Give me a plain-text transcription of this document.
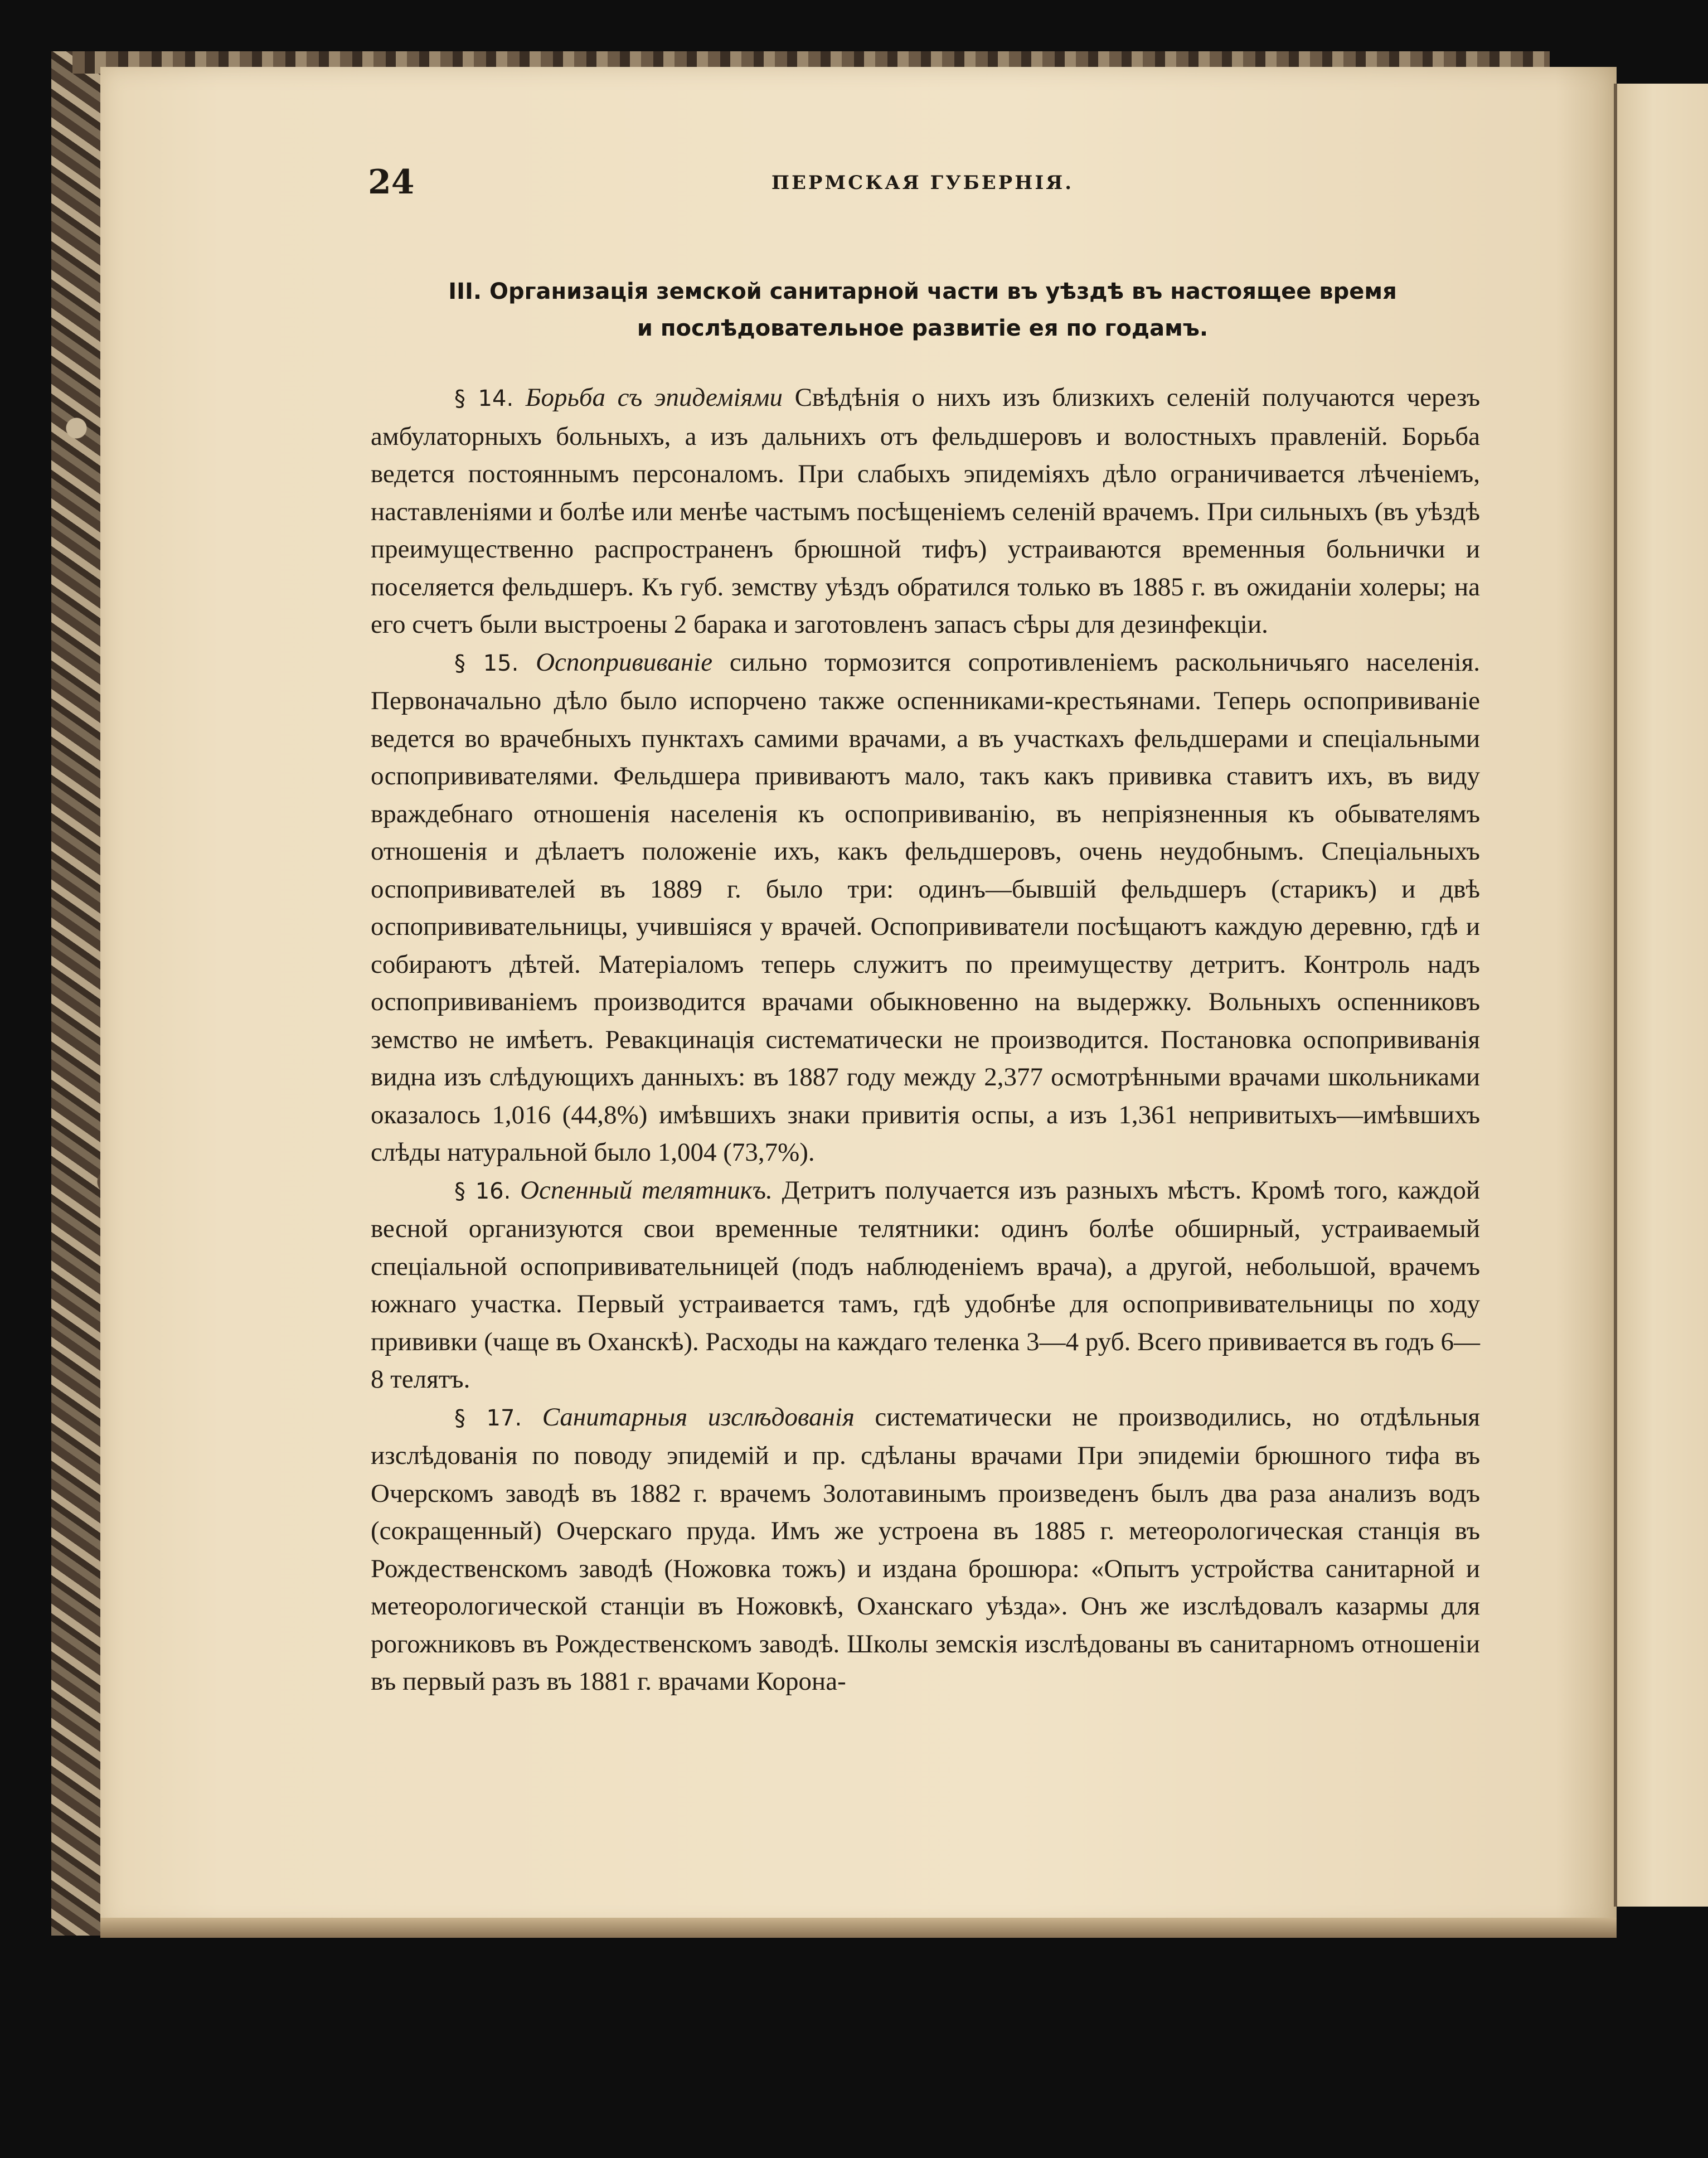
24	ПЕРМСКАЯ ГУБЕРНІЯ.
III. Организація земской санитарной части въ уѣздѣ въ настоящее время
и послѣдовательное развитіе ея по годамъ.

§ 14. Борьба съ эпидеміями Свѣдѣнія о нихъ изъ близкихъ селеній получаются черезъ амбулаторныхъ больныхъ, а изъ дальнихъ отъ фельдшеровъ и волостныхъ правленій. Борьба ведется постояннымъ персоналомъ. При слабыхъ эпидеміяхъ дѣло ограничивается лѣченіемъ, наставленіями и болѣе или менѣе частымъ посѣщеніемъ селеній врачемъ. При сильныхъ (въ уѣздѣ преимущественно распространенъ брюшной тифъ) устраиваются временныя больнички и поселяется фельдшеръ. Къ губ. земству уѣздъ обратился только въ 1885 г. въ ожиданіи холеры; на его счетъ были выстроены 2 барака и заготовленъ запасъ сѣры для дезинфекціи.

§ 15. Оспопрививаніе сильно тормозится сопротивленіемъ раскольничьяго населенія. Первоначально дѣло было испорчено также оспенниками-крестьянами. Теперь оспопрививаніе ведется во врачебныхъ пунктахъ самими врачами, а въ участкахъ фельдшерами и спеціальными оспопрививателями. Фельдшера прививаютъ мало, такъ какъ прививка ставитъ ихъ, въ виду враждебнаго отношенія населенія къ оспопрививанію, въ непріязненныя къ обывателямъ отношенія и дѣлаетъ положеніе ихъ, какъ фельдшеровъ, очень неудобнымъ. Спеціальныхъ оспопрививателей въ 1889 г. было три: одинъ—бывшій фельдшеръ (старикъ) и двѣ оспопрививательницы, учившіяся у врачей. Оспопрививатели посѣщаютъ каждую деревню, гдѣ и собираютъ дѣтей. Матеріаломъ теперь служитъ по преимуществу детритъ. Контроль надъ оспопрививаніемъ производится врачами обыкновенно на выдержку. Вольныхъ оспенниковъ земство не имѣетъ. Ревакцинація систематически не производится. Постановка оспопрививанія видна изъ слѣдующихъ данныхъ: въ 1887 году между 2,377 осмотрѣнными врачами школьниками оказалось 1,016 (44,8%) имѣвшихъ знаки привитія оспы, а изъ 1,361 непривитыхъ—имѣвшихъ слѣды натуральной было 1,004 (73,7%).

§ 16. Оспенный телятникъ. Детритъ получается изъ разныхъ мѣстъ. Кромѣ того, каждой весной организуются свои временные телятники: одинъ болѣе обширный, устраиваемый спеціальной оспопрививательницей (подъ наблюденіемъ врача), а другой, небольшой, врачемъ южнаго участка. Первый устраивается тамъ, гдѣ удобнѣе для оспопрививательницы по ходу прививки (чаще въ Оханскѣ). Расходы на каждаго теленка 3—4 руб. Всего прививается въ годъ 6—8 телятъ.

§ 17. Санитарныя изслѣдованія систематически не производились, но отдѣльныя изслѣдованія по поводу эпидемій и пр. сдѣланы врачами При эпидеміи брюшного тифа въ Очерскомъ заводѣ въ 1882 г. врачемъ Золотавинымъ произведенъ былъ два раза анализъ водъ (сокращенный) Очерскаго пруда. Имъ же устроена въ 1885 г. метеорологическая станція въ Рождественскомъ заводѣ (Ножовка тожъ) и издана брошюра: «Опытъ устройства санитарной и метеорологической станціи въ Ножовкѣ, Оханскаго уѣзда». Онъ же изслѣдовалъ казармы для рогожниковъ въ Рождественскомъ заводѣ. Школы земскія изслѣдованы въ санитарномъ отношеніи въ первый разъ въ 1881 г. врачами Корона-
